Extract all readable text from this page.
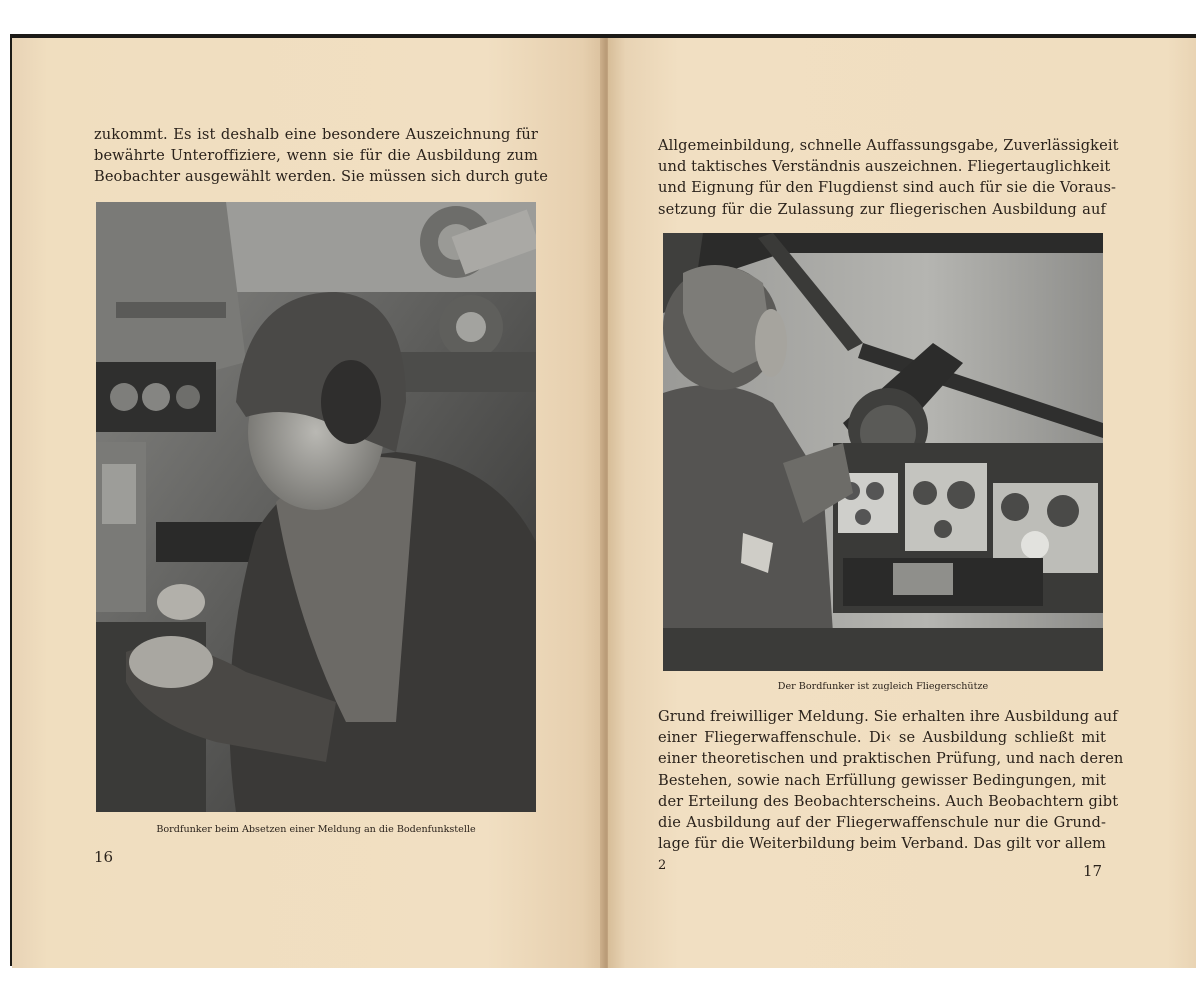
zukommt. Es ist deshalb eine besondere Auszeichnung für
bewährte Unteroffiziere, wenn sie für die Ausbildung zum
Beobachter ausgewählt werden. Sie müssen sich durch gute
Bordfunker beim Absetzen einer Meldung an die Bodenfunkstelle
16
Allgemeinbildung, schnelle Auffassungsgabe, Zuverlässigkeit
und taktisches Verständnis auszeichnen. Fliegertauglichkeit
und Eignung für den Flugdienst sind auch für sie die Voraus-
setzung für die Zulassung zur fliegerischen Ausbildung auf
Der Bordfunker ist zugleich Fliegerschütze
Grund freiwilliger Meldung. Sie erhalten ihre Ausbildung auf
einer Fliegerwaffenschule. Di‹ se Ausbildung schließt mit
einer theoretischen und praktischen Prüfung, und nach deren
Bestehen, sowie nach Erfüllung gewisser Bedingungen, mit
der Erteilung des Beobachterscheins. Auch Beobachtern gibt
die Ausbildung auf der Fliegerwaffenschule nur die Grund-
lage für die Weiterbildung beim Verband. Das gilt vor allem
2	17
